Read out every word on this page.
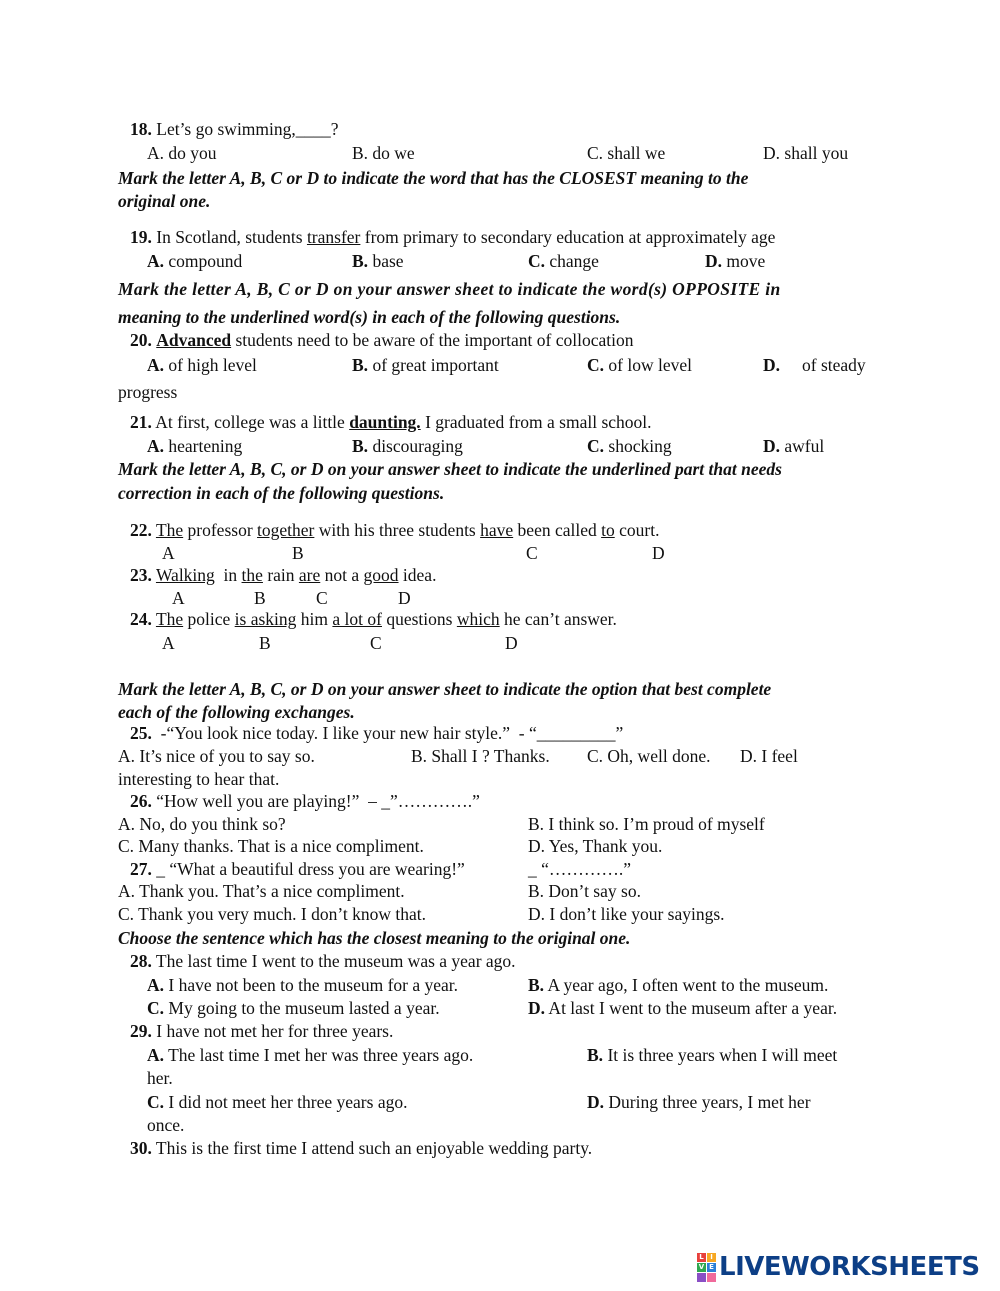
18. Let’s go swimming,____?
A. do you	B. do we	C. shall we	D. shall you
Mark the letter A, B, C or D to indicate the word that has the CLOSEST meaning to the
original one.
19. In Scotland, students transfer from primary to secondary education at approximately age
A. compound	B. base	C. change	D. move
Mark the letter A, B, C or D on your answer sheet to indicate the word(s) OPPOSITE in
meaning to the underlined word(s) in each of the following questions.
20. Advanced students need to be aware of the important of collocation
A. of high level	B. of great important	C. of low level	D. of steady
progress
21. At first, college was a little daunting. I graduated from a small school.
A. heartening	B. discouraging	C. shocking	D. awful
Mark the letter A, B, C, or D on your answer sheet to indicate the underlined part that needs
correction in each of the following questions.
22. The professor together with his three students have been called to court.
A	B	C	D
23. Walking  in the rain are not a good idea.
A	B	C	D
24. The police is asking him a lot of questions which he can’t answer.
A	B	C	D
Mark the letter A, B, C, or D on your answer sheet to indicate the option that best complete
each of the following exchanges.
25.  -“You look nice today. I like your new hair style.”  - “_________”
A. It’s nice of you to say so.	B. Shall I ? Thanks. C. Oh, well done. D. I feel
interesting to hear that.
26. “How well you are playing!”  – _”………….”
A. No, do you think so?	B. I think so. I’m proud of myself
C. Many thanks. That is a nice compliment.	D. Yes, Thank you.
27. _ “What a beautiful dress you are wearing!”	_ “………….”
A. Thank you. That’s a nice compliment.	B. Don’t say so.
C. Thank you very much. I don’t know that.	D. I don’t like your sayings.
Choose the sentence which has the closest meaning to the original one.
28. The last time I went to the museum was a year ago.
A. I have not been to the museum for a year.	B. A year ago, I often went to the museum.
C. My going to the museum lasted a year.	D. At last I went to the museum after a year.
29. I have not met her for three years.
A. The last time I met her was three years ago.	B. It is three years when I will meet
her.
C. I did not meet her three years ago.	D. During three years, I met her
once.
30. This is the first time I attend such an enjoyable wedding party.
L I
V E LIVEWORKSHEETS
